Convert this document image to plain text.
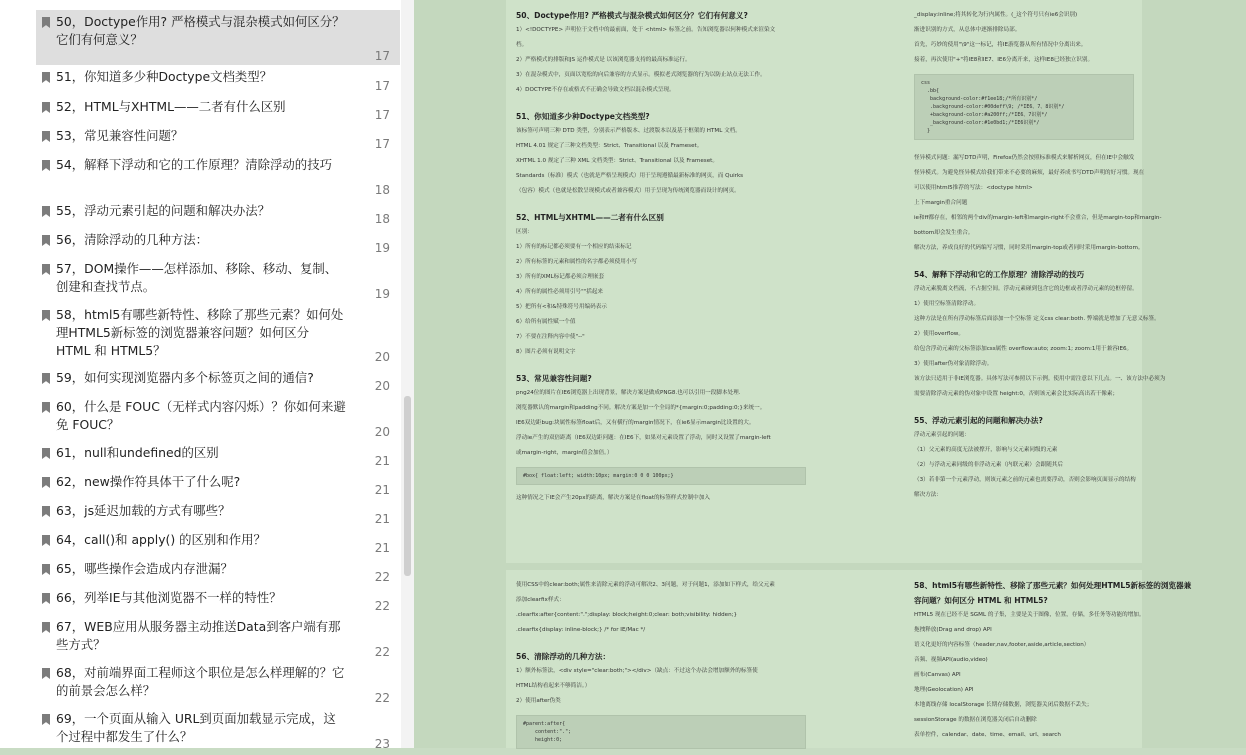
50，Doctype作用? 严格模式与混杂模式如何区分？它们有何意义？
17
51，你知道多少种Doctype文档类型？
17
52，HTML与XHTML——二者有什么区别
17
53，常见兼容性问题？
17
54，解释下浮动和它的工作原理？清除浮动的技巧
18
55，浮动元素引起的问题和解决办法？
18
56，清除浮动的几种方法：
19
57，DOM操作——怎样添加、移除、移动、复制、创建和查找节点。	19
58，html5有哪些新特性、移除了那些元素？如何处理HTML5新标签的浏览器兼容问题？如何区分 HTML 和 HTML5？	20
59，如何实现浏览器内多个标签页之间的通信?
20
60，什么是 FOUC（无样式内容闪烁）？你如何来避免 FOUC？	20
61，null和undefined的区别
21
62，new操作符具体干了什么呢?
21
63，js延迟加载的方式有哪些？
21
64，call()和 apply() 的区别和作用？
21
65，哪些操作会造成内存泄漏？
22
66，列举IE与其他浏览器不一样的特性？
22
67，WEB应用从服务器主动推送Data到客户端有那些方式？	22
68，对前端界面工程师这个职位是怎么样理解的？它的前景会怎么样？	22
69，一个页面从输入 URL到页面加载显示完成，这个过程中都发生了什么？	23
50、Doctype作用? 严格模式与混杂模式如何区分？它们有何意义?
1）<!DOCTYPE> 声明位于文档中的最前面，处于 <html> 标签之前。告知浏览器以何种模式来渲染文
档。
2）严格模式的排版和JS 运作模式是 以该浏览器支持的最高标准运行。
3）在混杂模式中，页面以宽松的向后兼容的方式显示。模拟老式浏览器的行为以防止站点无法工作。
4）DOCTYPE不存在或格式不正确会导致文档以混杂模式呈现。
51、你知道多少种Doctype文档类型?
该标签可声明三种 DTD 类型，分别表示严格版本、过渡版本以及基于框架的 HTML 文档。
HTML 4.01 规定了三种文档类型：Strict、Transitional 以及 Frameset。
XHTML 1.0 规定了三种 XML 文档类型：Strict、Transitional 以及 Frameset。
Standards（标准）模式（也就是严格呈现模式）用于呈现遵循最新标准的网页，而 Quirks
（包容）模式（也就是松散呈现模式或者兼容模式）用于呈现为传统浏览器而设计的网页。
52、HTML与XHTML——二者有什么区别
区别：
1）所有的标记都必须要有一个相应的结束标记
2）所有标签的元素和属性的名字都必须使用小写
3）所有的XML标记都必须合理嵌套
4）所有的属性必须用引号""括起来
5）把所有<和&特殊符号用编码表示
6）给所有属性赋一个值
7）不要在注释内容中使"--"
8）图片必须有说明文字
53、常见兼容性问题?
png24位的图片在IE6浏览器上出现背景，解决方案是做成PNG8.也可以引用一段脚本处理.
浏览器默认的margin和padding不同。解决方案是加一个全局的*{margin:0;padding:0;}来统一。
IE6双边距bug:块属性标签float后，又有横行的margin情况下，在ie6显示margin比设置的大。
浮动ie产生的双倍距离（IE6双边距问题：在IE6下，如果对元素设置了浮动，同时又设置了margin-left
或margin-right，margin值会加倍。）
#box{ float:left; width:10px; margin:0 0 0 100px;}
这种情况之下IE会产生20px的距离，解决方案是在float的标签样式控制中加入
_display:inline;将其转化为行内属性。(_这个符号只有ie6会识别)
渐进识别的方式，从总体中逐渐排除局部。
首先，巧妙的使用"\9"这一标记，将IE游览器从所有情况中分离出来。
接着，再次使用"+"将IE8和IE7、IE6分离开来，这样IE8已经独立识别。
css
.bb{
background-color:#f1ee18;/*所有识别*/
.background-color:#00deff\9; /*IE6、7、8识别*/
+background-color:#a200ff;/*IE6、7识别*/
_background-color:#1e0bd1;/*IE6识别*/
}
怪异模式问题：漏写DTD声明，Firefox仍然会按照标准模式来解析网页，但在IE中会触发
怪异模式。为避免怪异模式给我们带来不必要的麻烦，最好养成书写DTD声明的好习惯。现在
可以使用html5推荐的写法：<doctype html>
上下margin重合问题
ie和ff都存在，相邻的两个div的margin-left和margin-right不会重合，但是margin-top和margin-
bottom却会发生重合。
解决方法，养成良好的代码编写习惯，同时采用margin-top或者同时采用margin-bottom。
54、解释下浮动和它的工作原理？清除浮动的技巧
浮动元素脱离文档流，不占据空间。浮动元素碰到包含它的边框或者浮动元素的边框停留。
1）使用空标签清除浮动。
这种方法是在所有浮动标签后面添加一个空标签 定义css clear:both. 弊端就是增加了无意义标签。
2）使用overflow。
给包含浮动元素的父标签添加css属性 overflow:auto; zoom:1; zoom:1用于兼容IE6。
3）使用after伪对象清除浮动。
该方法只适用于非IE浏览器。具体写法可参照以下示例。使用中需注意以下几点。一、该方法中必须为
需要清除浮动元素的伪对象中设置 height:0，否则该元素会比实际高出若干像素；
55、浮动元素引起的问题和解决办法?
浮动元素引起的问题：
（1）父元素的高度无法被撑开，影响与父元素同级的元素
（2）与浮动元素同级的非浮动元素（内联元素）会跟随其后
（3）若非第一个元素浮动，则该元素之前的元素也需要浮动，否则会影响页面显示的结构
解决方法：
使用CSS中的clear:both;属性来清除元素的浮动可解决2、3问题，对于问题1，添加如下样式，给父元素
添加clearfix样式：
.clearfix:after{content:".";display: block;height:0;clear: both;visibility: hidden;}
.clearfix{display: inline-block;} /* for IE/Mac */
56、清除浮动的几种方法：
1）额外标签法，<div style="clear:both;"></div>（缺点：不过这个办法会增加额外的标签使
HTML结构看起来不够简洁。）
2）使用after伪类
#parent:after{
content:".";
height:0;
58、html5有哪些新特性、移除了那些元素？如何处理HTML5新标签的浏览器兼
容问题？如何区分 HTML 和 HTML5?
HTML5 现在已经不是 SGML 的子集，主要是关于图像，位置，存储，多任务等功能的增加。
拖拽释放(Drag and drop) API
语义化更好的内容标签（header,nav,footer,aside,article,section）
音频、视频API(audio,video)
画布(Canvas) API
地理(Geolocation) API
本地离线存储 localStorage 长期存储数据，浏览器关闭后数据不丢失；
sessionStorage 的数据在浏览器关闭后自动删除
表单控件，calendar、date、time、email、url、search
